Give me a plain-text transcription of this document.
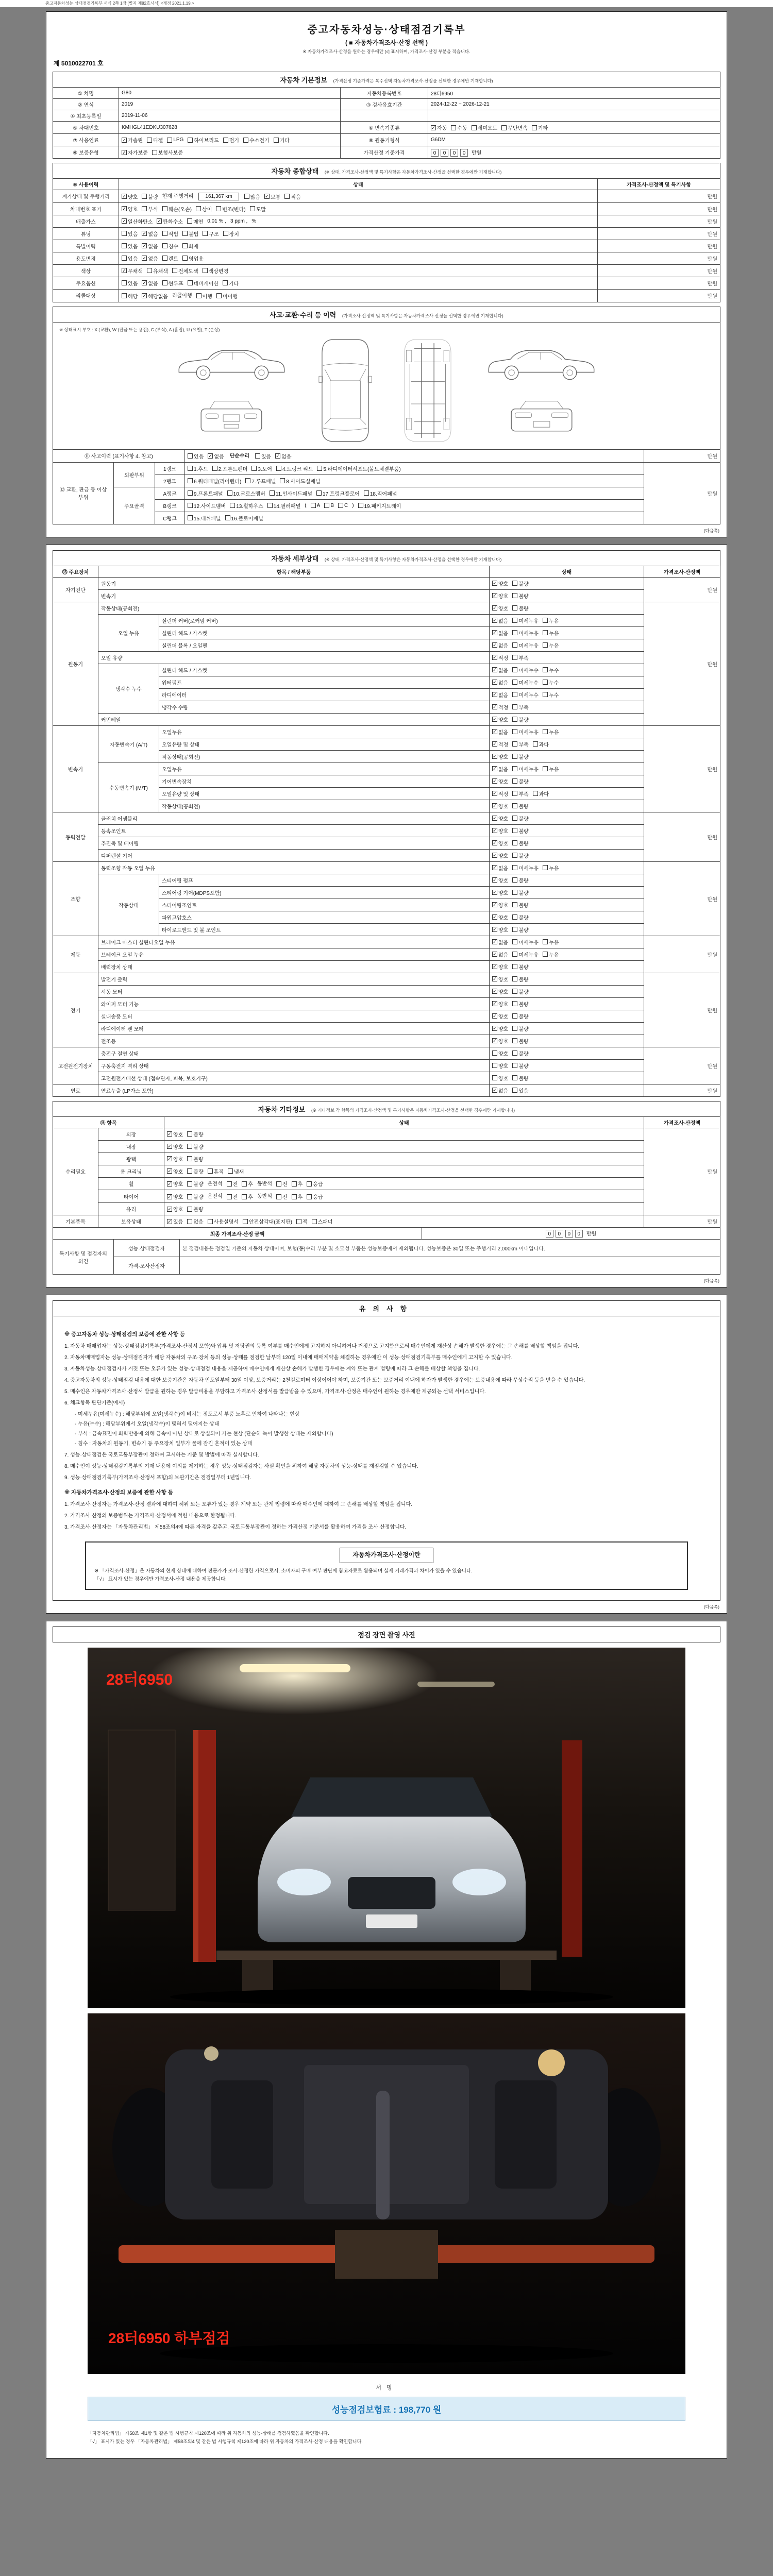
중고자동차성능·상태점검기록부 서식 2쪽 1장 [별지 제82호서식] <개정 2021.1.19.>
중고자동차성능·상태점검기록부
( ■ 자동차가격조사·산정 선택 )
※ 자동차가격조사·산정을 원하는 경우에만 [√] 표시하며, 가격조사·산정 부분을 적습니다.
제 5010022701 호
자동차 기본정보 (가격산정 기준가격은 복수선택 자동차가격조사·산정을 선택한 경우에만 기재합니다)
① 차명	G80	자동차등록번호	28터6950
② 연식	2019	③ 검사유효기간	2024-12-22 ~ 2026-12-21
④ 최초등록일	2019-11-06		
⑤ 차대번호	KMHGL41EDKU307628	⑥ 변속기종류	✓ 자동 수동 세미오토 무단변속 기타

⑦ 사용연료	✓ 가솔린 디젤 LPG 하이브리드 전기 수소전기 기타	⑧ 원동기형식	G6DM
⑨ 보증유형	✓ 자가보증 보험사보증	가격산정 기준가격	0 0 0 0 만원
자동차 종합상태 (※ 상태, 가격조사·산정액 및 특기사항은 자동차가격조사·산정을 선택한 경우에만 기재합니다)
⑩ 사용이력	상태	가격조사·산정액 및 특기사항
계기상태 및 주행거리	✓ 양호 불량 현재 주행거리 161,367 km	많음 ✓ 보통 적음	만원
차대번호 표기	✓ 양호 부식 훼손(오손) 상이 변조(변타) 도말	만원
배출가스	✓ 일산화탄소 ✓ 탄화수소 매연 0.01 % , 3 ppm , %	만원
튜닝	있음 ✓ 없음 적법 불법 구조 장치	만원
특별이력	있음 ✓ 없음 침수 화재	만원
용도변경	있음 ✓ 없음 렌트 영업용	만원
색상	✓ 무채색 유채색 전체도색 색상변경	만원
주요옵션	있음 ✓ 없음 썬루프 네비게이션 기타	만원
리콜대상	해당 ✓ 해당없음 리콜이행 이행 미이행	만원
사고·교환·수리 등 이력 (가격조사·산정액 및 특기사항은 자동차가격조사·산정을 선택한 경우에만 기재합니다)
※ 상태표시 부호 : X (교환), W (판금 또는 용접), C (부식), A (흠집), U (요철), T (손상)
⑪ 사고이력 (표기사항 4. 참고)	있음 ✓ 없음 단순수리 있음 ✓ 없음	만원
⑫ 교환, 판금 등 이상 부위	외판부위	1랭크	1.후드 2.프론트펜더 3.도어 4.트렁크 리드 5.라디에이터서포트(볼트체결부품)	만원
		2랭크	6.쿼터패널(리어펜더) 7.루프패널 8.사이드실패널	

	주요골격	A랭크	9.프론트패널 10.크로스멤버 11.인사이드패널 17.트렁크플로어 18.리어패널	

B랭크	12.사이드멤버 13.휠하우스 14.필러패널 ( A B C ) 19.패키지트레이

		C랭크	15.대쉬패널 16.플로어패널	
(다음쪽)
자동차 세부상태 (※ 상태, 가격조사·산정액 및 특기사항은 자동차가격조사·산정을 선택한 경우에만 기재합니다)
⑬ 주요장치	항목 / 해당부품		상태	가격조사·산정액
자기진단	원동기		✓ 양호 불량	만원
	변속기		✓ 양호 불량	

원동기	작동상태(공회전)		✓ 양호 불량	만원
	오일 누유	실린더 커버(로커암 커버)	✓ 없음 미세누유 누유	

		실린더 헤드 / 가스켓	✓ 없음 미세누유 누유	

		실린더 블록 / 오일팬	✓ 없음 미세누유 누유	

	오일 유량		✓ 적정 부족	

	냉각수 누수	실린더 헤드 / 가스켓	✓ 없음 미세누수 누수	

		워터펌프	✓ 없음 미세누수 누수	

		라디에이터	✓ 없음 미세누수 누수	

		냉각수 수량	✓ 적정 부족	

	커먼레일		✓ 양호 불량	

변속기	자동변속기 (A/T)	오일누유	✓ 없음 미세누유 누유	만원
		오일유량 및 상태	✓ 적정 부족 과다	

		작동상태(공회전)	✓ 양호 불량	

	수동변속기 (M/T)	오일누유	✓ 없음 미세누유 누유	

		기어변속장치	✓ 양호 불량	

		오일유량 및 상태	✓ 적정 부족 과다	

		작동상태(공회전)	✓ 양호 불량	

동력전달	클러치 어셈블리		✓ 양호 불량	만원
	등속조인트		✓ 양호 불량	

	추진축 및 베어링		✓ 양호 불량	

	디퍼렌셜 기어		✓ 양호 불량	

조향	동력조향 작동 오일 누유		✓ 없음 미세누유 누유	만원
	작동상태	스티어링 펌프	✓ 양호 불량	

		스티어링 기어(MDPS포함)	✓ 양호 불량	

		스티어링조인트	✓ 양호 불량	

		파워고압호스	✓ 양호 불량	

		타이로드엔드 및 볼 조인트	✓ 양호 불량	

제동	브레이크 마스터 실린더오일 누유		✓ 없음 미세누유 누유	만원
	브레이크 오일 누유		✓ 없음 미세누유 누유	

	배력장치 상태		✓ 양호 불량	

전기	발전기 출력		✓ 양호 불량	만원
	시동 모터		✓ 양호 불량	

	와이퍼 모터 기능		✓ 양호 불량	

	실내송풍 모터		✓ 양호 불량	

	라디에이터 팬 모터		✓ 양호 불량	

	전조등		✓ 양호 불량	

고전원전기장치	충전구 절연 상태		양호 불량	만원
	구동축전지 격리 상태		양호 불량	

	고전원전기배선 상태 (접속단자, 피복, 보호기구)		양호 불량	

연료	연료누출 (LP가스 포함)		✓ 없음 있음	만원
자동차 기타정보 (※ 기타정보 각 항목의 가격조사·산정액 및 특기사항은 자동차가격조사·산정을 선택한 경우에만 기재합니다)
⑭ 항목		상태	가격조사·산정액
수리필요	외장	✓ 양호 불량	만원
	내장	✓ 양호 불량	

	광택	✓ 양호 불량	

	룸 크리닝	✓ 양호 불량 흔적 냄새	

휠	✓ 양호 불량 운전석 전 후 동반석 전 후 응급

타이어	✓ 양호 불량 운전석 전 후 동반석 전 후 응급

	유리	✓ 양호 불량	

기본품목	보유상태	✓ 있음 없음 사용설명서 안전삼각대(표지판) 잭 스패너	만원
최종 가격조사·산정 금액	0 0 0 0 만원
특기사항 및 점검자의 의견	성능·상태점검자	본 점검내용은 점검일 기준의 자동차 상태이며, 보험(동)수리 부분 및 소모성 부품은 성능보증에서 제외됩니다. 성능보증은 30일 또는 주행거리 2,000km 이내입니다.
	가격·조사산정자	
(다음쪽)
유의사항
※ 중고자동차 성능·상태점검의 보증에 관한 사항 등
1. 자동차 매매업자는 성능·상태점검기록부(가격조사·산정서 포함)와 압류 및 저당권의 등록 여부를 매수인에게 고지하지 아니하거나 거짓으로 고지함으로써 매수인에게 재산상 손해가 발생한 경우에는 그 손해를 배상할 책임을 집니다.
2. 자동차매매업자는 성능·상태점검자가 해당 자동차의 구조·장치 등의 성능·상태를 점검한 날부터 120일 이내에 매매계약을 체결하는 경우에만 이 성능·상태점검기록부를 매수인에게 고지할 수 있습니다.
3. 자동차성능·상태점검자가 거짓 또는 오류가 있는 성능·상태점검 내용을 제공하여 매수인에게 재산상 손해가 발생한 경우에는 계약 또는 관계 법령에 따라 그 손해를 배상할 책임을 집니다.
4. 중고자동차의 성능·상태점검 내용에 대한 보증기간은 자동차 인도일부터 30일 이상, 보증거리는 2천킬로미터 이상이어야 하며, 보증기간 또는 보증거리 이내에 하자가 발생한 경우에는 보증내용에 따라 무상수리 등을 받을 수 있습니다.
5. 매수인은 자동차가격조사·산정서 발급을 원하는 경우 발급비용을 부담하고 가격조사·산정서를 발급받을 수 있으며, 가격조사·산정은 매수인이 원하는 경우에만 제공되는 선택 서비스입니다.
6. 체크항목 판단기준(예시)
- 미세누유(미세누수) : 해당부위에 오일(냉각수)이 비치는 정도로서 부품 노후로 인하여 나타나는 현상
- 누유(누수) : 해당부위에서 오일(냉각수)이 맺혀서 떨어지는 상태
- 부식 : 금속표면이 화학반응에 의해 금속이 아닌 상태로 상실되어 가는 현상 (단순히 녹이 발생한 상태는 제외합니다)
- 침수 : 자동차의 원동기, 변속기 등 주요장치 일부가 물에 잠긴 흔적이 있는 상태
7. 성능·상태점검은 국토교통부장관이 정하여 고시하는 기준 및 방법에 따라 실시합니다.
8. 매수인이 성능·상태점검기록부의 기재 내용에 이의를 제기하는 경우 성능·상태점검자는 사실 확인을 위하여 해당 자동차의 성능·상태를 재점검할 수 있습니다.
9. 성능·상태점검기록부(가격조사·산정서 포함)의 보관기간은 점검일부터 1년입니다.
※ 자동차가격조사·산정의 보증에 관한 사항 등
1. 가격조사·산정자는 가격조사·산정 결과에 대하여 허위 또는 오류가 있는 경우 계약 또는 관계 법령에 따라 매수인에 대하여 그 손해를 배상할 책임을 집니다.
2. 가격조사·산정의 보증범위는 가격조사·산정서에 적힌 내용으로 한정됩니다.
3. 가격조사·산정자는 「자동차관리법」 제58조의4에 따른 자격을 갖추고, 국토교통부장관이 정하는 가격산정 기준서를 활용하여 가격을 조사·산정합니다.
자동차가격조사·산정이란
※ 「가격조사·산정」은 자동차의 현재 상태에 대하여 전문가가 조사·산정한 가격으로서, 소비자의 구매 여부 판단에 참고자료로 활용되며 실제 거래가격과 차이가 있을 수 있습니다.
「√」 표시가 있는 경우에만 가격조사·산정 내용을 제공합니다.
(다음쪽)
점검 장면 촬영 사진
28터6950
28터6950 하부점검
서명
성능점검보험료 : 198,770 원
「자동차관리법」 제58조 제1항 및 같은 법 시행규칙 제120조에 따라 위 자동차의 성능·상태를 점검하였음을 확인합니다.
「√」 표시가 있는 경우 「자동차관리법」 제58조의4 및 같은 법 시행규칙 제120조에 따라 위 자동차의 가격조사·산정 내용을 확인합니다.
